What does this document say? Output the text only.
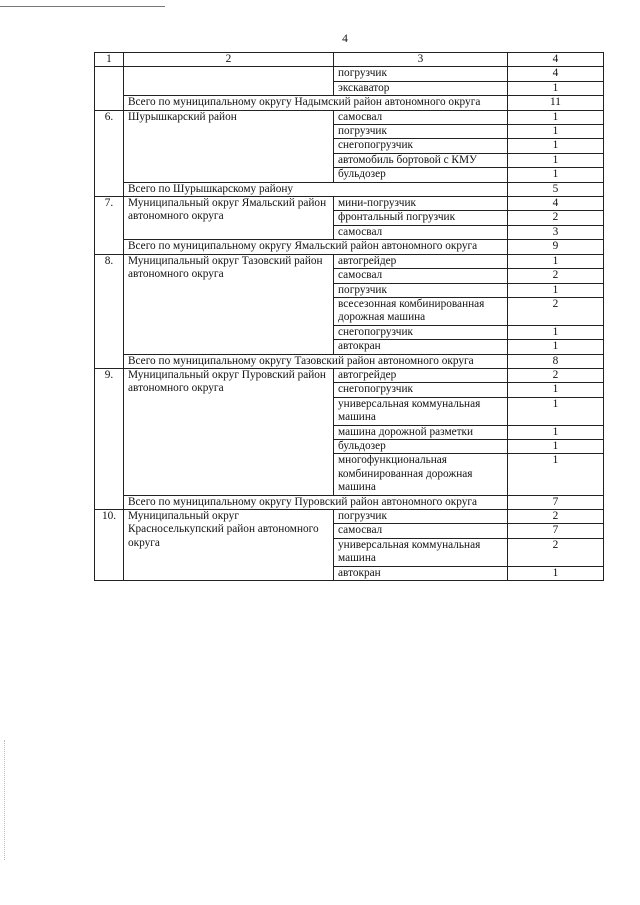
4
1	2	3	4
		погрузчик	4
		экскаватор	1
	Всего по муниципальному округу Надымский район автономного округа		11
6.	Шурышкарский район	самосвал	1
		погрузчик	1
		снегопогрузчик	1
		автомобиль бортовой с КМУ	1
		бульдозер	1
	Всего по Шурышкарскому району		5
7.	Муниципальный округ Ямальский район автономного округа	мини-погрузчик	4
		фронтальный погрузчик	2
		самосвал	3
	Всего по муниципальному округу Ямальский район автономного округа		9
8.	Муниципальный округ Тазовский район автономного округа	автогрейдер	1
		самосвал	2
		погрузчик	1
		всесезонная комбинированная дорожная машина	2
		снегопогрузчик	1
		автокран	1
	Всего по муниципальному округу Тазовский район автономного округа		8
9.	Муниципальный округ Пуровский район автономного округа	автогрейдер	2
		снегопогрузчик	1
		универсальная коммунальная машина	1
		машина дорожной разметки	1
		бульдозер	1
		многофункциональная комбинированная дорожная машина	1
	Всего по муниципальному округу Пуровский район автономного округа		7
10.	Муниципальный округ Красноселькупский район автономного округа	погрузчик	2
		самосвал	7
		универсальная коммунальная машина	2
		автокран	1
